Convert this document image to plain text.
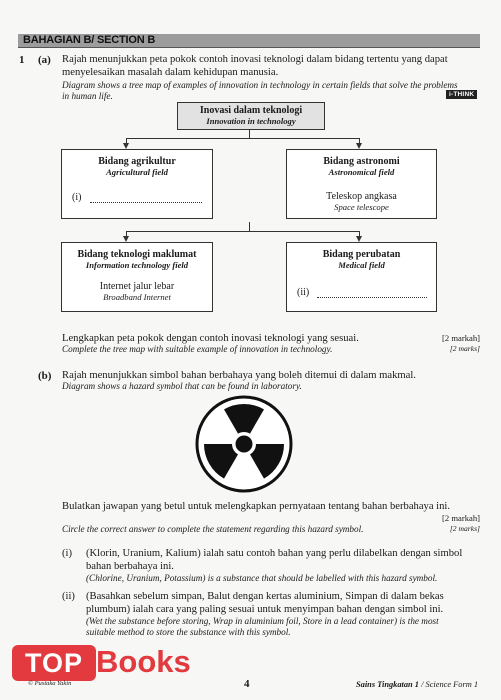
BAHAGIAN B/ SECTION B
1 (a) Rajah menunjukkan peta pokok contoh inovasi teknologi dalam bidang tertentu yang dapat
menyelesaikan masalah dalam kehidupan manusia.
Diagram shows a tree map of examples of innovation in technology in certain fields that solve the problems
in human life.	i-THINK
Inovasi dalam teknologi
Innovation in technology
Bidang agrikultur
Agricultural field
(i)
Bidang astronomi
Astronomical field
Teleskop angkasa
Space telescope
Bidang teknologi maklumat
Information technology field
Internet jalur lebar
Broadband Internet
Bidang perubatan
Medical field
(ii)
Lengkapkan peta pokok dengan contoh inovasi teknologi yang sesuai.
Complete the tree map with suitable example of innovation in technology.
[2 markah]
[2 marks]
(b) Rajah menunjukkan simbol bahan berbahaya yang boleh ditemui di dalam makmal.
Diagram shows a hazard symbol that can be found in laboratory.
Bulatkan jawapan yang betul untuk melengkapkan pernyataan tentang bahan berbahaya ini.
[2 markah]
Circle the correct answer to complete the statement regarding this hazard symbol.	[2 marks]
(i) (Klorin, Uranium, Kalium) ialah satu contoh bahan yang perlu dilabelkan dengan simbol
bahan berbahaya ini.
(Chlorine, Uranium, Potassium) is a substance that should be labelled with this hazard symbol.
(ii) (Basahkan sebelum simpan, Balut dengan kertas aluminium, Simpan di dalam bekas
plumbum) ialah cara yang paling sesuai untuk menyimpan bahan dengan simbol ini.
(Wet the substance before storing, Wrap in aluminium foil, Store in a lead container) is the most
suitable method to store the substance with this symbol.
TOP Books
© Pustaka Yakin	4	Sains Tingkatan 1 / Science Form 1
